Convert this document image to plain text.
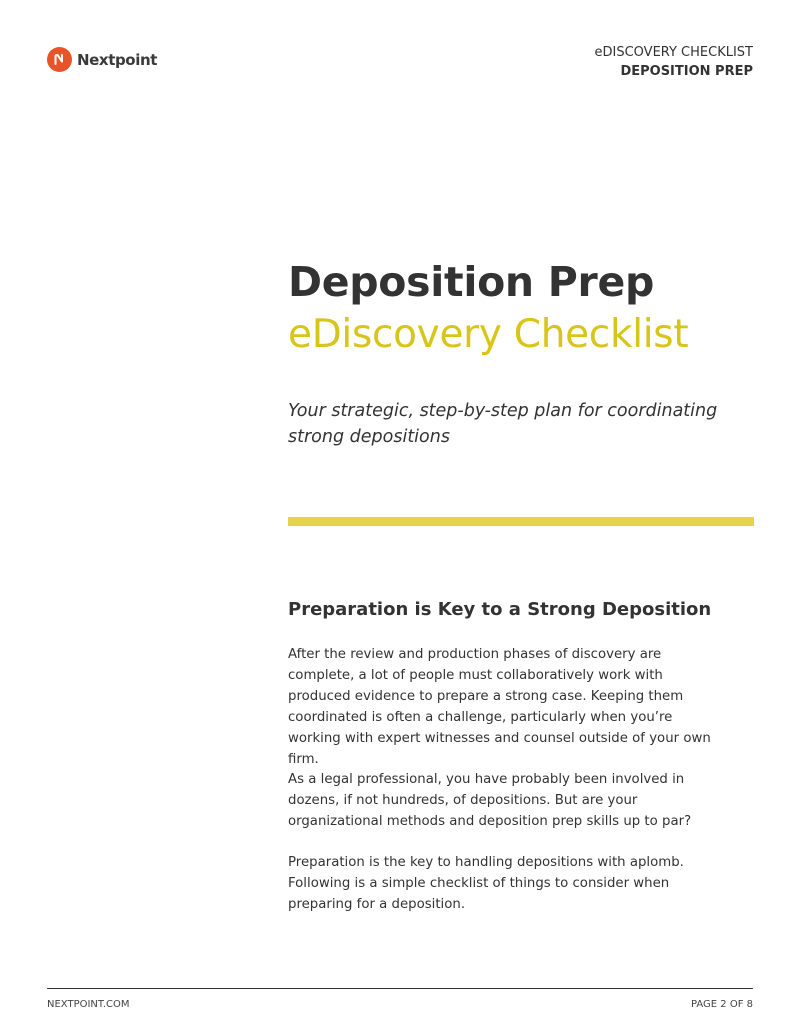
Nextpoint	eDISCOVERY CHECKLIST
DEPOSITION PREP
Deposition Prep
eDiscovery Checklist
Your strategic, step-by-step plan for coordinating strong depositions
Preparation is Key to a Strong Deposition
After the review and production phases of discovery are complete, a lot of people must collaboratively work with produced evidence to prepare a strong case. Keeping them coordinated is often a challenge, particularly when you’re working with expert witnesses and counsel outside of your own firm.
As a legal professional, you have probably been involved in dozens, if not hundreds, of depositions. But are your organizational methods and deposition prep skills up to par?
Preparation is the key to handling depositions with aplomb. Following is a simple checklist of things to consider when preparing for a deposition.
NEXTPOINT.COM	PAGE 2 OF 8
